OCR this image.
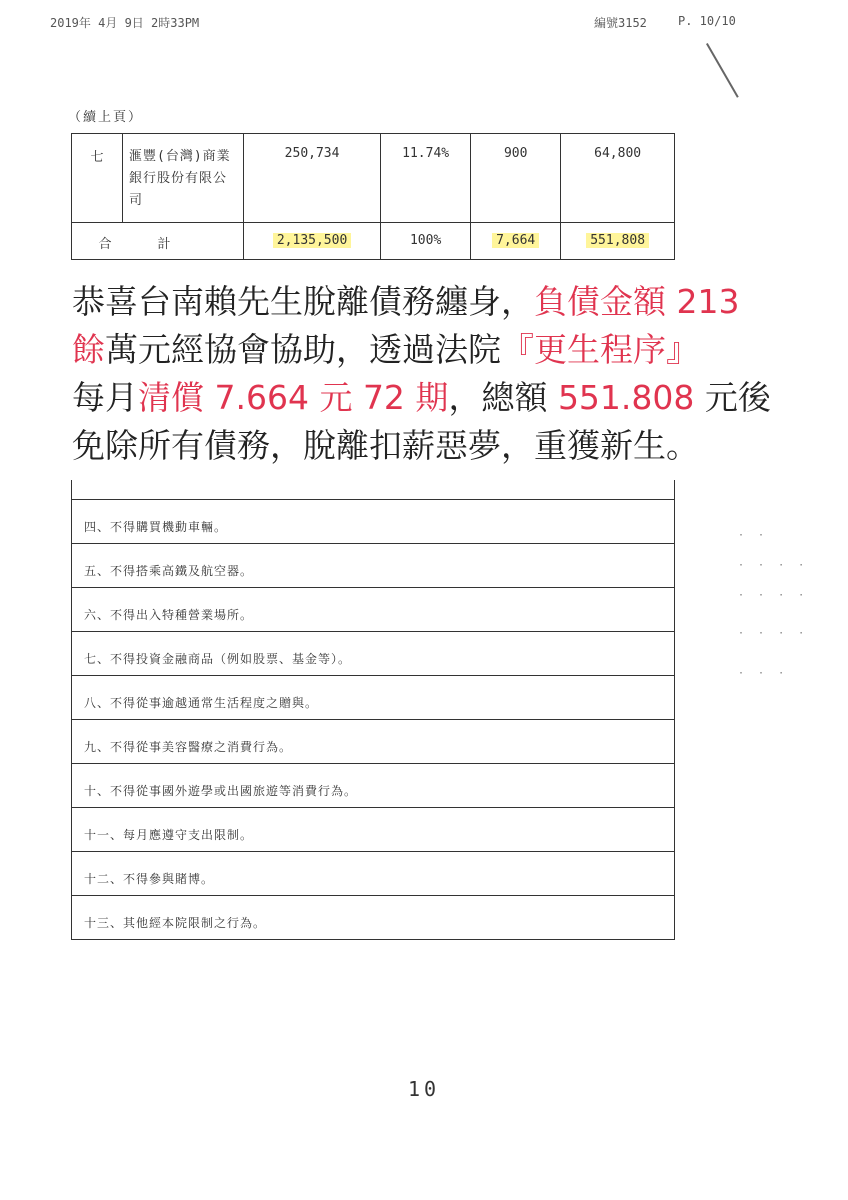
2019年 4月 9日 2時33PM	編號3152	P. 10/10
（續上頁）
七	滙豐(台灣)商業銀行股份有限公司	250,734	11.74%	900	64,800
合計		2,135,500	100%	7,664	551,808
恭喜台南賴先生脫離債務纏身，負債金額 213
餘萬元經協會協助，透過法院『更生程序』
每月清償 7.664 元 72 期，總額 551.808 元後
免除所有債務，脫離扣薪惡夢，重獲新生。
四、不得購買機動車輛。
五、不得搭乘高鐵及航空器。
六、不得出入特種營業場所。
七、不得投資金融商品（例如股票、基金等）。
八、不得從事逾越通常生活程度之贈與。
九、不得從事美容醫療之消費行為。
十、不得從事國外遊學或出國旅遊等消費行為。
十一、每月應遵守支出限制。
十二、不得參與賭博。
十三、其他經本院限制之行為。
· ·
· · · ·
· · · ·
· · · ·
· · ·
10
